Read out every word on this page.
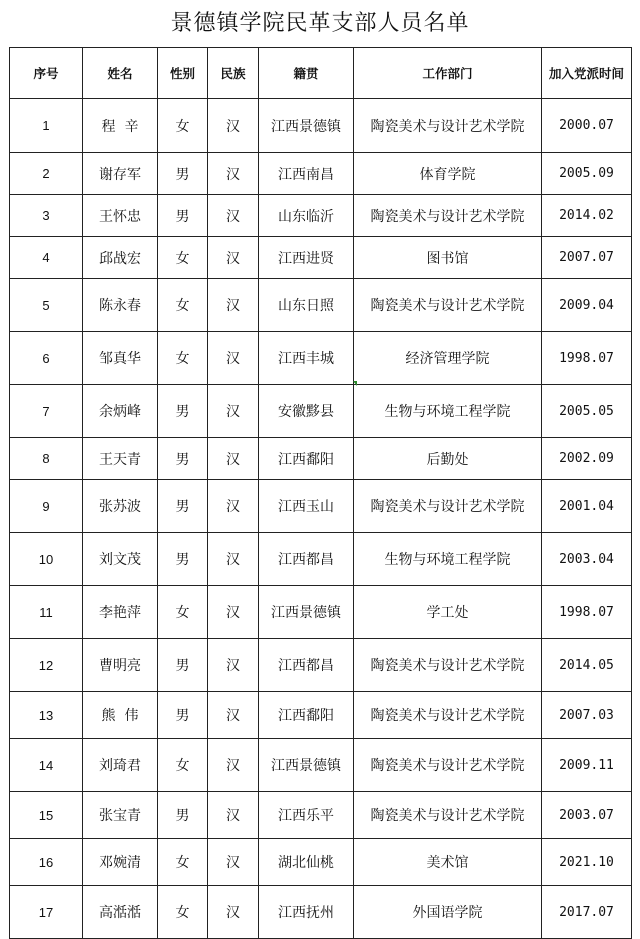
景德镇学院民革支部人员名单
序号	姓名	性别	民族	籍贯	工作部门	加入党派时间
1	程  辛	女	汉	江西景德镇	陶瓷美术与设计艺术学院	2000.07
2	谢存军	男	汉	江西南昌	体育学院	2005.09
3	王怀忠	男	汉	山东临沂	陶瓷美术与设计艺术学院	2014.02
4	邱战宏	女	汉	江西进贤	图书馆	2007.07
5	陈永春	女	汉	山东日照	陶瓷美术与设计艺术学院	2009.04
6	邹真华	女	汉	江西丰城	经济管理学院	1998.07
7	余炳峰	男	汉	安徽黟县	生物与环境工程学院	2005.05
8	王天青	男	汉	江西鄱阳	后勤处	2002.09
9	张苏波	男	汉	江西玉山	陶瓷美术与设计艺术学院	2001.04
10	刘文茂	男	汉	江西都昌	生物与环境工程学院	2003.04
11	李艳萍	女	汉	江西景德镇	学工处	1998.07
12	曹明亮	男	汉	江西都昌	陶瓷美术与设计艺术学院	2014.05
13	熊  伟	男	汉	江西鄱阳	陶瓷美术与设计艺术学院	2007.03
14	刘琦君	女	汉	江西景德镇	陶瓷美术与设计艺术学院	2009.11
15	张宝青	男	汉	江西乐平	陶瓷美术与设计艺术学院	2003.07
16	邓婉清	女	汉	湖北仙桃	美术馆	2021.10
17	高湉湉	女	汉	江西抚州	外国语学院	2017.07
